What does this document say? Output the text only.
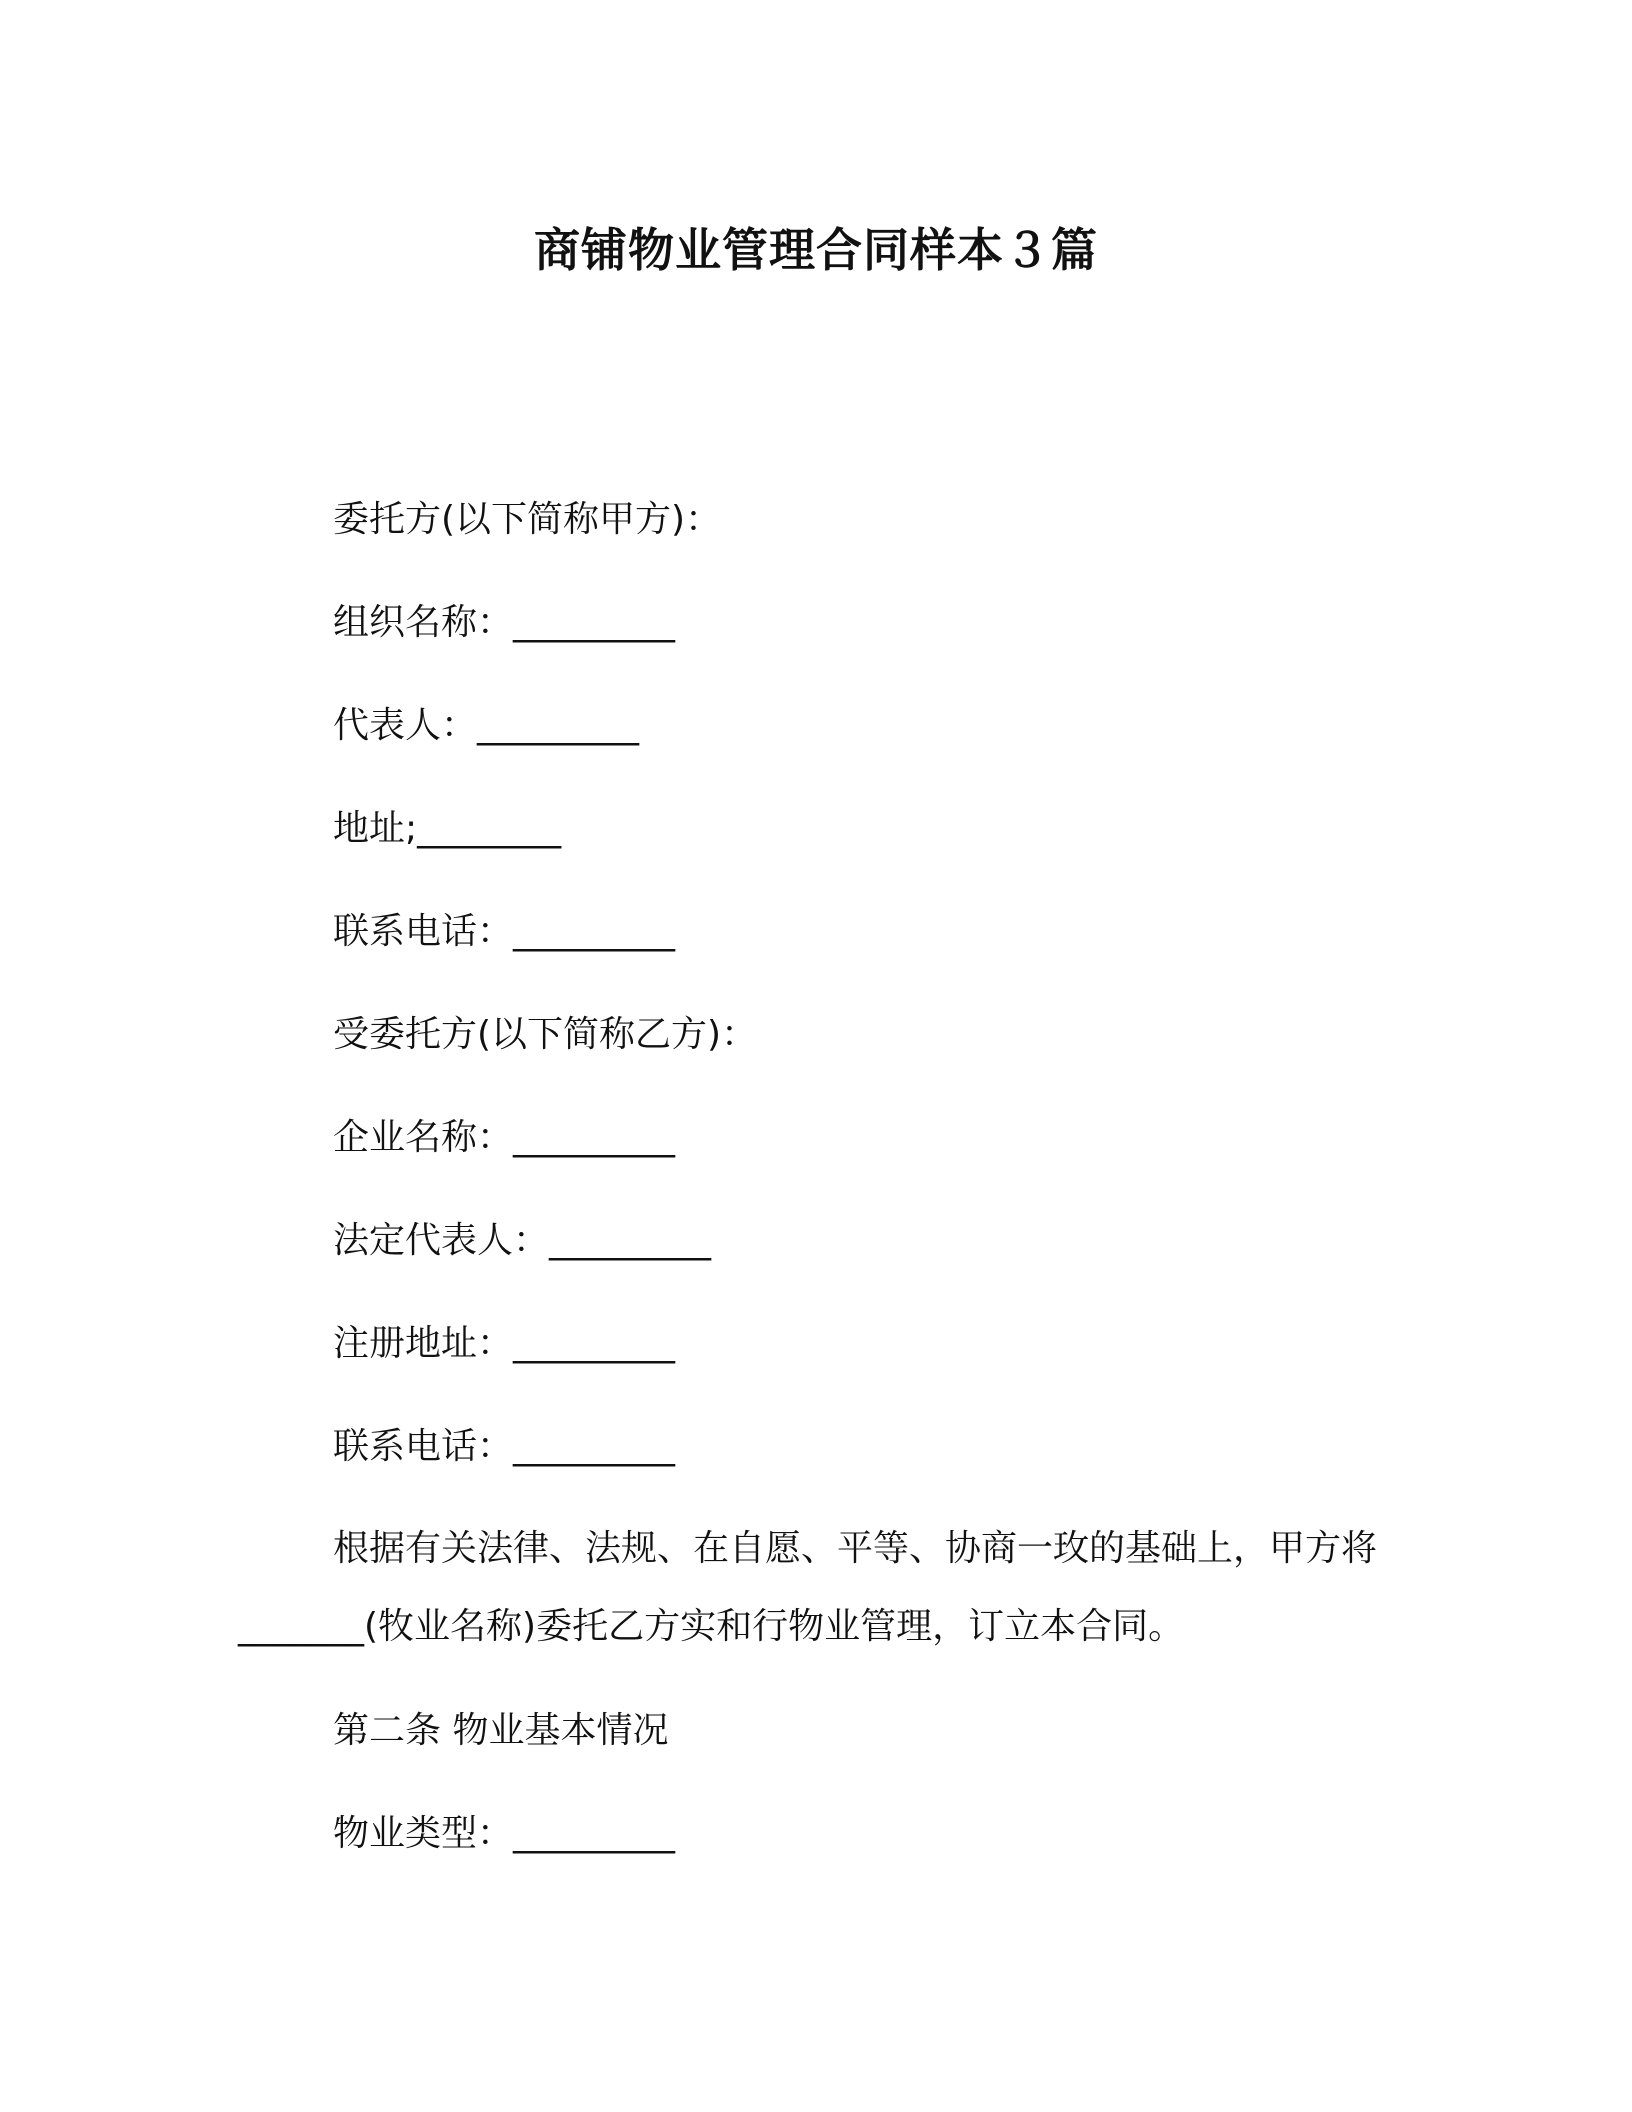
商铺物业管理合同样本３篇
委托方(以下简称甲方)：
组织名称：_________
代表人：_________
地址;________
联系电话：_________
受委托方(以下简称乙方)：
企业名称：_________
法定代表人：_________
注册地址：_________
联系电话：_________
根据有关法律、法规、在自愿、平等、协商一玫的基础上，甲方将_______(牧业名称)委托乙方实和行物业管理，订立本合同。
第二条 物业基本情况
物业类型：_________
